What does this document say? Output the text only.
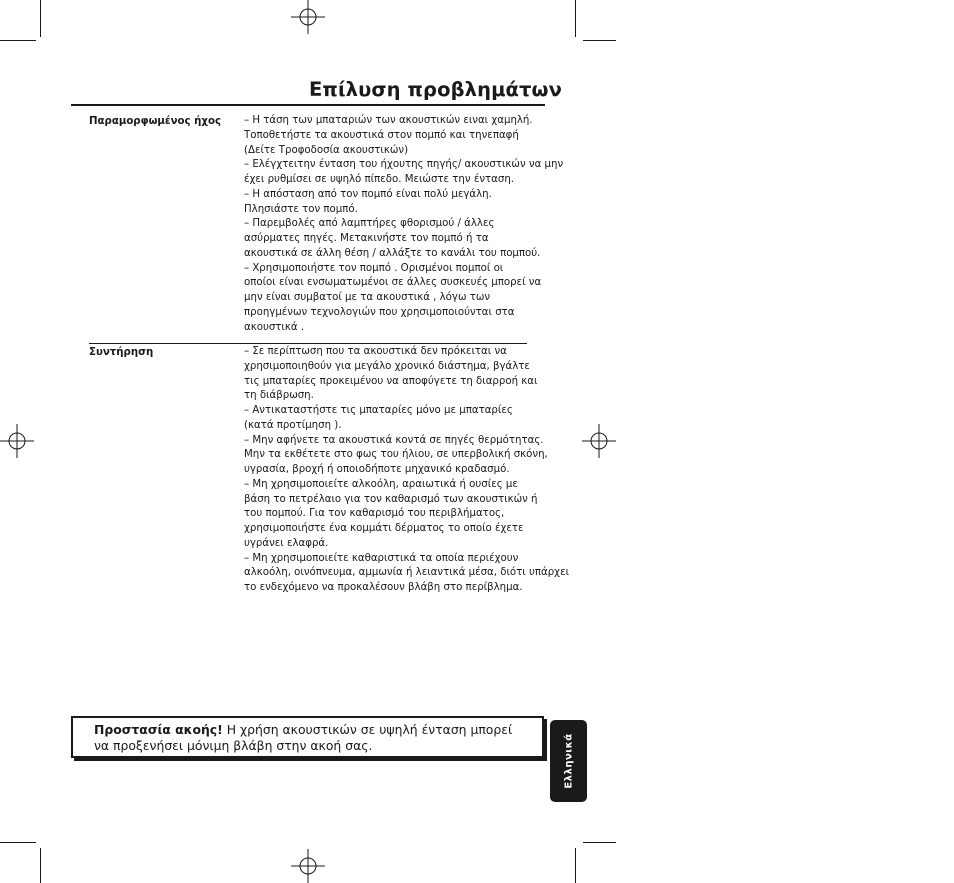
Επίλυση προβλημάτων

Παραμορφωμένος ήχος – Η τάση των μπαταριών των ακουστικών ειναι χαμηλή.
Τοποθετήστε τα ακουστικά στον πομπό και τηνεπαφή
(Δείτε Τροφοδοσία ακουστικών)
– Ελέγχτειτην ένταση του ήχουτης πηγής/ ακουστικών να μην
έχει ρυθμίσει σε υψηλό πίπεδο. Μειώστε την ένταση.
– Η απόσταση από τον πομπό είναι πολύ μεγάλη.
Πλησιάστε τον πομπό.
– Παρεμβολές από λαμπτήρες φθορισμού / άλλες
ασύρματες πηγές. Μετακινήστε τον πομπό ή τα
ακουστικά σε άλλη θέση / αλλάξτε το κανάλι του πομπού.
– Χρησιμοποιήστε τον πομπό . Ορισμένοι πομποί οι
οποίοι είναι ενσωματωμένοι σε άλλες συσκευές μπορεί να
μην είναι συμβατοί με τα ακουστικά , λόγω των
προηγμένων τεχνολογιών που χρησιμοποιούνται στα
ακουστικά .

Συντήρηση	– Σε περίπτωση που τα ακουστικά δεν πρόκειται να
χρησιμοποιηθούν για μεγάλο χρονικό διάστημα, βγάλτε
τις μπαταρίες προκειμένου να αποφύγετε τη διαρροή και
τη διάβρωση.
– Αντικαταστήστε τις μπαταρίες μόνο με μπαταρίες
(κατά προτίμηση ).
– Μην αφήνετε τα ακουστικά κοντά σε πηγές θερμότητας.
Μην τα εκθέτετε στο φως του ήλιου, σε υπερβολική σκόνη,
υγρασία, βροχή ή οποιοδήποτε μηχανικό κραδασμό.
– Μη χρησιμοποιείτε αλκοόλη, αραιωτικά ή ουσίες με
βάση το πετρέλαιο για τον καθαρισμό των ακουστικών ή
του πομπού. Για τον καθαρισμό του περιβλήματος,
χρησιμοποιήστε ένα κομμάτι δέρματος το οποίο έχετε
υγράνει ελαφρά.
– Μη χρησιμοποιείτε καθαριστικά τα οποία περιέχουν
αλκοόλη, οινόπνευμα, αμμωνία ή λειαντικά μέσα, διότι υπάρχει
το ενδεχόμενο να προκαλέσουν βλάβη στο περίβλημα.

Προστασία ακοής! Η χρήση ακουστικών σε υψηλή ένταση μπορεί
να προξενήσει μόνιμη βλάβη στην ακοή σας.	Ελληνικά
